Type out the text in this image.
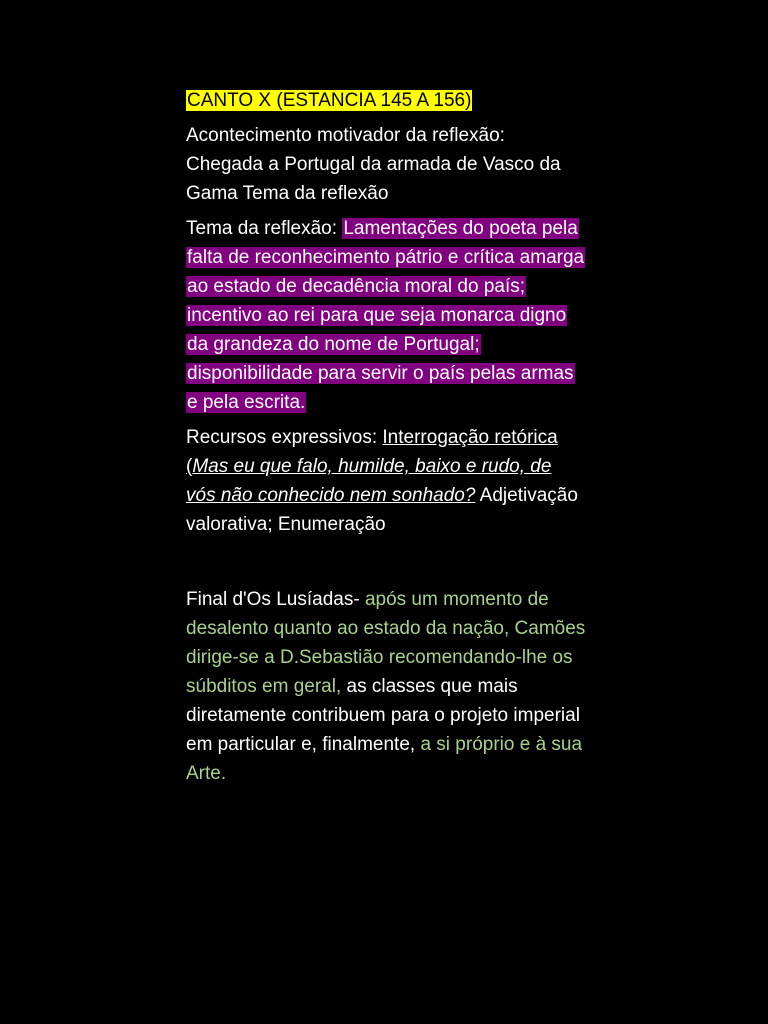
CANTO X (ESTANCIA 145 A 156)

Acontecimento motivador da reflexão: Chegada a Portugal da armada de Vasco da Gama Tema da reflexão

Tema da reflexão: Lamentações do poeta pela falta de reconhecimento pátrio e crítica amarga ao estado de decadência moral do país; incentivo ao rei para que seja monarca digno da grandeza do nome de Portugal; disponibilidade para servir o país pelas armas e pela escrita.

Recursos expressivos: Interrogação retórica (Mas eu que falo, humilde, baixo e rudo, de vós não conhecido nem sonhado? Adjetivação valorativa; Enumeração

Final d'Os Lusíadas- após um momento de desalento quanto ao estado da nação, Camões dirige-se a D.Sebastião recomendando-lhe os súbditos em geral, as classes que mais diretamente contribuem para o projeto imperial em particular e, finalmente, a si próprio e à sua Arte.
